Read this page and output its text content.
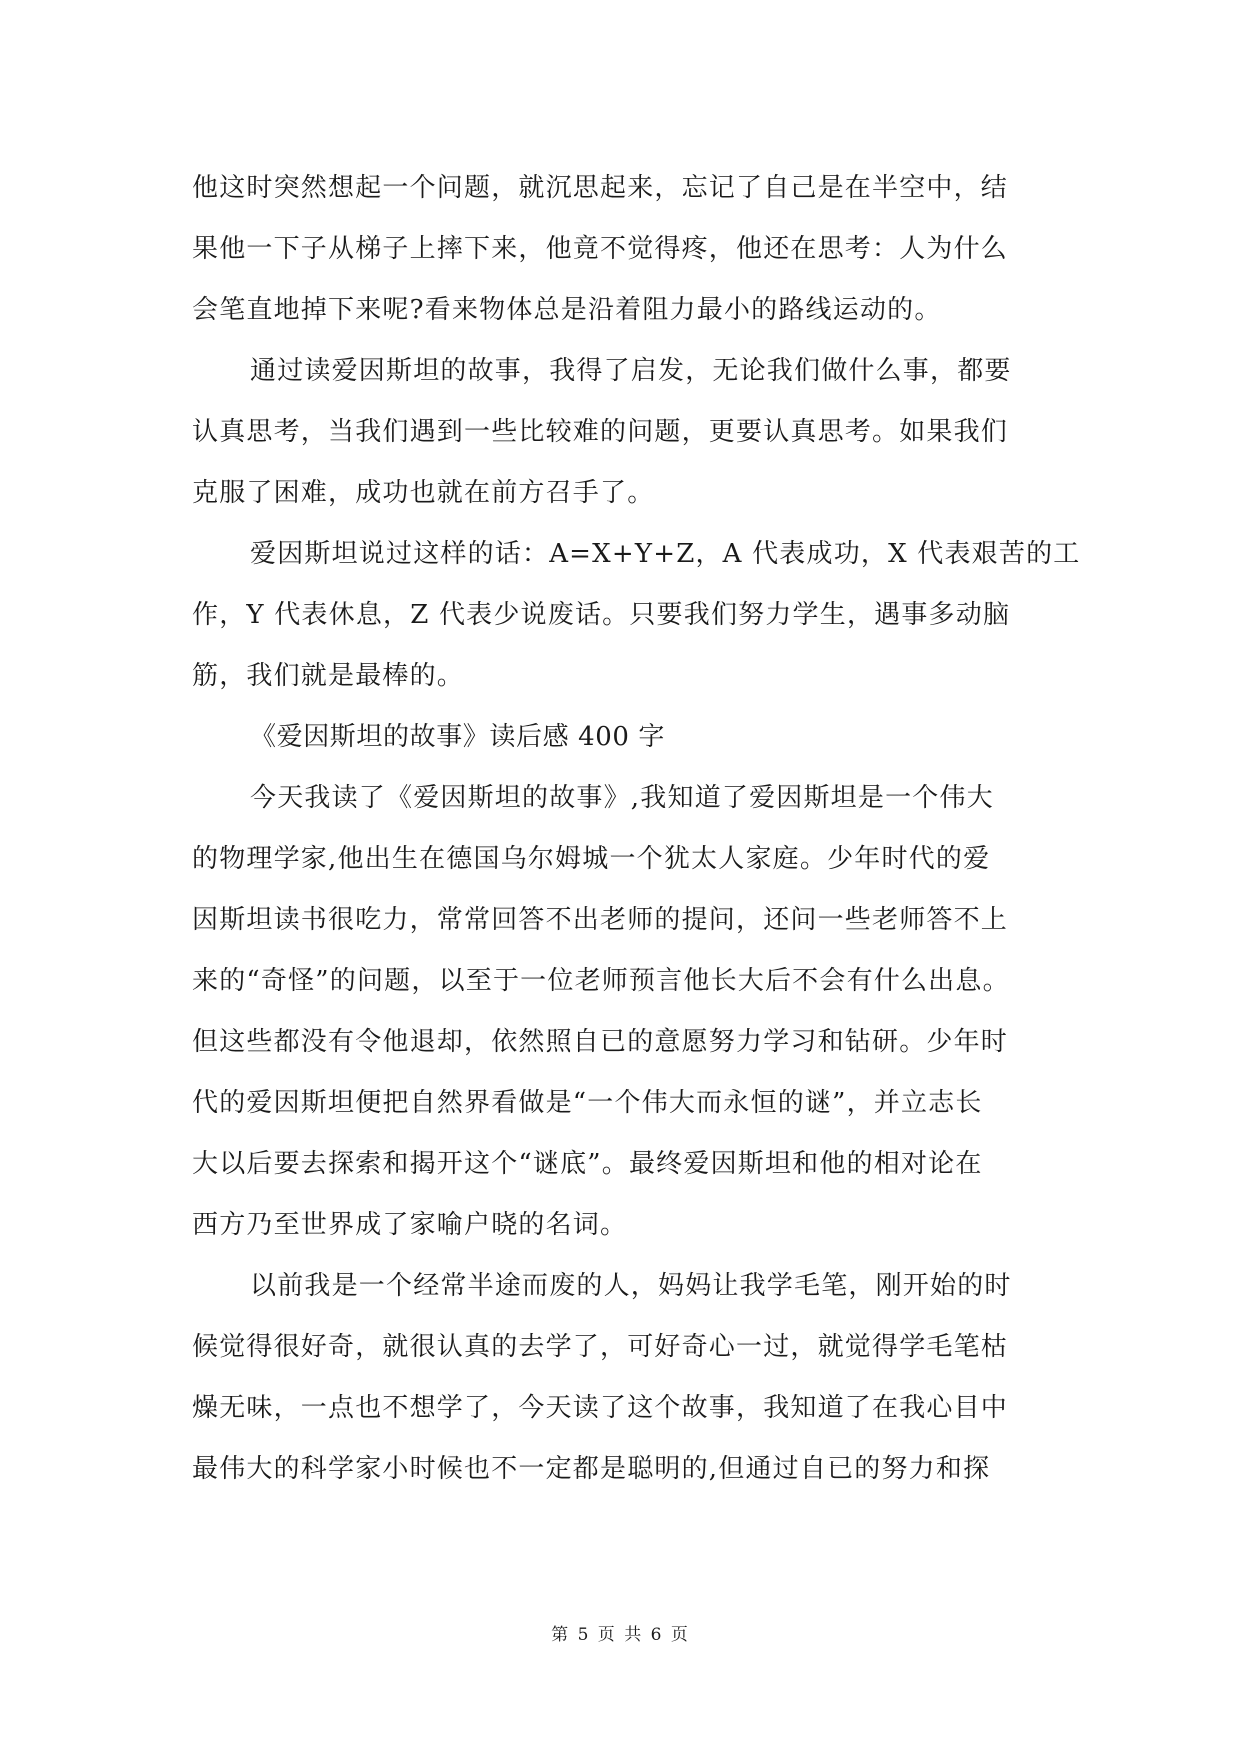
他这时突然想起一个问题，就沉思起来，忘记了自己是在半空中，结
果他一下子从梯子上摔下来，他竟不觉得疼，他还在思考：人为什么
会笔直地掉下来呢?看来物体总是沿着阻力最小的路线运动的。
通过读爱因斯坦的故事，我得了启发，无论我们做什么事，都要
认真思考，当我们遇到一些比较难的问题，更要认真思考。如果我们
克服了困难，成功也就在前方召手了。
爱因斯坦说过这样的话：A=X+Y+Z，A 代表成功，X 代表艰苦的工
作，Y 代表休息，Z 代表少说废话。只要我们努力学生，遇事多动脑
筋，我们就是最棒的。
《爱因斯坦的故事》读后感 400 字
今天我读了《爱因斯坦的故事》,我知道了爱因斯坦是一个伟大
的物理学家,他出生在德国乌尔姆城一个犹太人家庭。少年时代的爱
因斯坦读书很吃力，常常回答不出老师的提问，还问一些老师答不上
来的“奇怪”的问题，以至于一位老师预言他长大后不会有什么出息。
但这些都没有令他退却，依然照自已的意愿努力学习和钻研。少年时
代的爱因斯坦便把自然界看做是“一个伟大而永恒的谜”，并立志长
大以后要去探索和揭开这个“谜底”。最终爱因斯坦和他的相对论在
西方乃至世界成了家喻户晓的名词。
以前我是一个经常半途而废的人，妈妈让我学毛笔，刚开始的时
候觉得很好奇，就很认真的去学了，可好奇心一过，就觉得学毛笔枯
燥无味，一点也不想学了，今天读了这个故事，我知道了在我心目中
最伟大的科学家小时候也不一定都是聪明的,但通过自已的努力和探
第 5 页 共 6 页
